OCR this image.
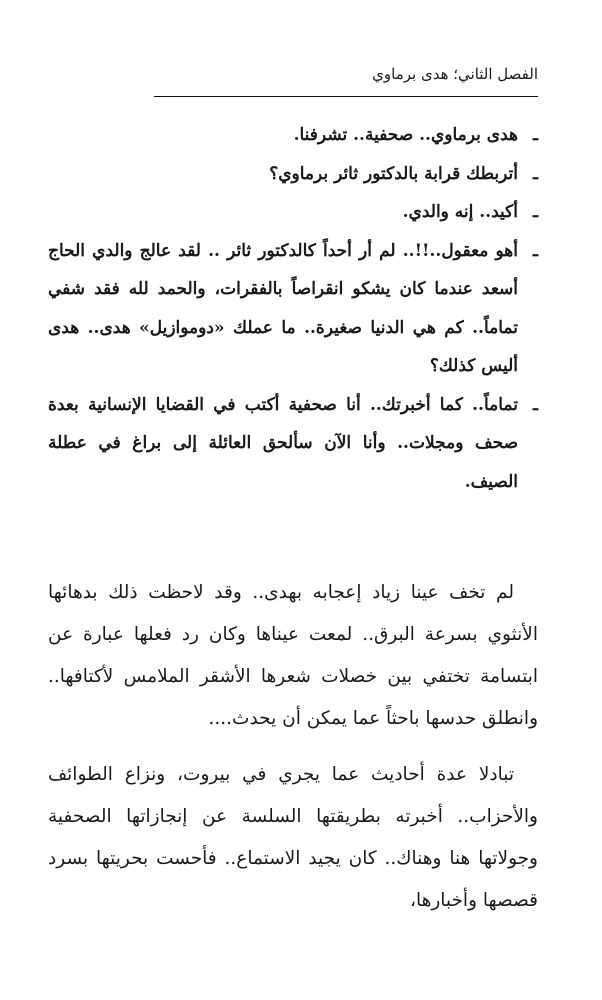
الفصل الثاني؛ هدى برماوي
ـهدى برماوي.. صحفية.. تشرفنا.
ـأتربطك قرابة بالدكتور ثائر برماوي؟
ـأكيد.. إنه والدي.
ـأهو معقول..!!.. لم أر أحداً كالدكتور ثائر .. لقد عالج والدي الحاج أسعد عندما كان يشكو انقراصاً بالفقرات، والحمد لله فقد شفي تماماً.. كم هي الدنيا صغيرة.. ما عملك «دوموازيل» هدى.. هدى أليس كذلك؟
ـتماماً.. كما أخبرتك.. أنا صحفية أكتب في القضايا الإنسانية بعدة صحف ومجلات.. وأنا الآن سألحق العائلة إلى براغ في عطلة الصيف.

لم تخف عينا زياد إعجابه بهدى.. وقد لاحظت ذلك بدهائها الأنثوي بسرعة البرق.. لمعت عيناها وكان رد فعلها عبارة عن ابتسامة تختفي بين خصلات شعرها الأشقر الملامس لأكتافها.. وانطلق حدسها باحثاً عما يمكن أن يحدث....

تبادلا عدة أحاديث عما يجري في بيروت، ونزاع الطوائف والأحزاب.. أخبرته بطريقتها السلسة عن إنجازاتها الصحفية وجولاتها هنا وهناك.. كان يجيد الاستماع.. فأحست بحريتها بسرد قصصها وأخبارها،
